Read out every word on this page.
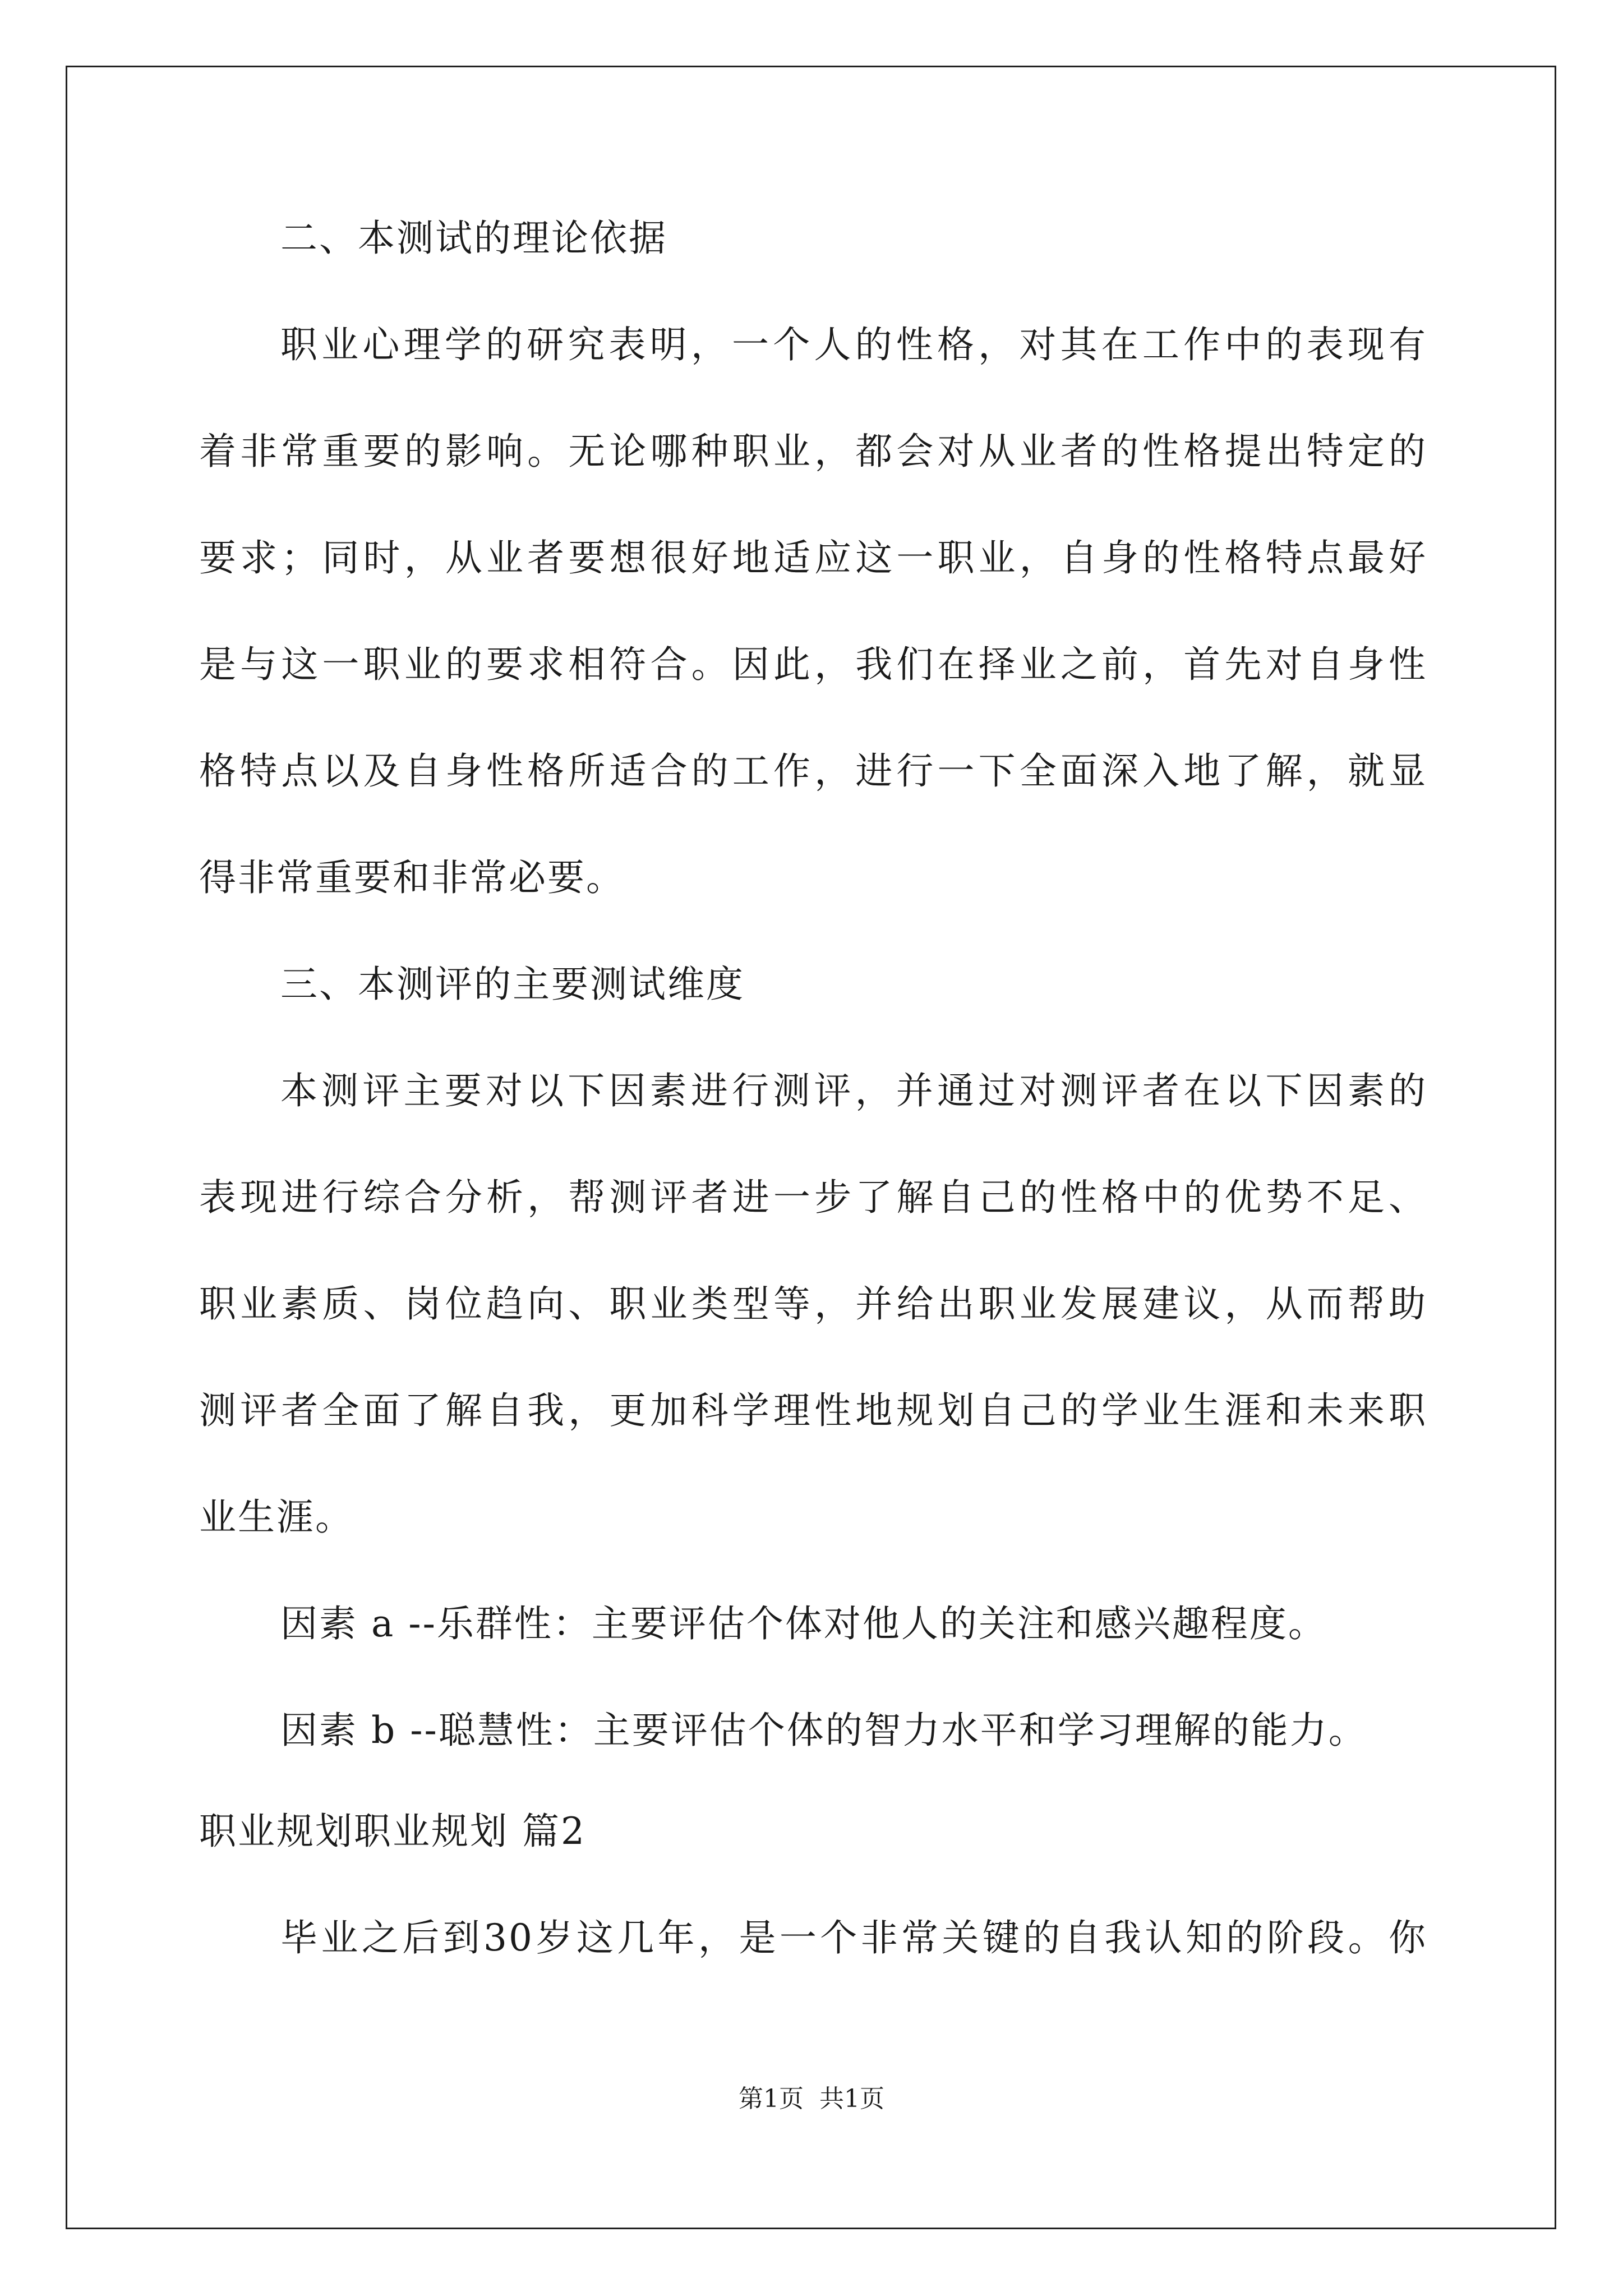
二、本测试的理论依据
职业心理学的研究表明，一个人的性格，对其在工作中的表现有
着非常重要的影响。无论哪种职业，都会对从业者的性格提出特定的
要求；同时，从业者要想很好地适应这一职业，自身的性格特点最好
是与这一职业的要求相符合。因此，我们在择业之前，首先对自身性
格特点以及自身性格所适合的工作，进行一下全面深入地了解，就显
得非常重要和非常必要。
三、本测评的主要测试维度
本测评主要对以下因素进行测评，并通过对测评者在以下因素的
表现进行综合分析，帮测评者进一步了解自己的性格中的优势不足、
职业素质、岗位趋向、职业类型等，并给出职业发展建议，从而帮助
测评者全面了解自我，更加科学理性地规划自己的学业生涯和未来职
业生涯。
因素 a --乐群性：主要评估个体对他人的关注和感兴趣程度。
因素 b --聪慧性：主要评估个体的智力水平和学习理解的能力。
职业规划职业规划 篇2
毕业之后到30岁这几年，是一个非常关键的自我认知的阶段。你
第1页 共1页
